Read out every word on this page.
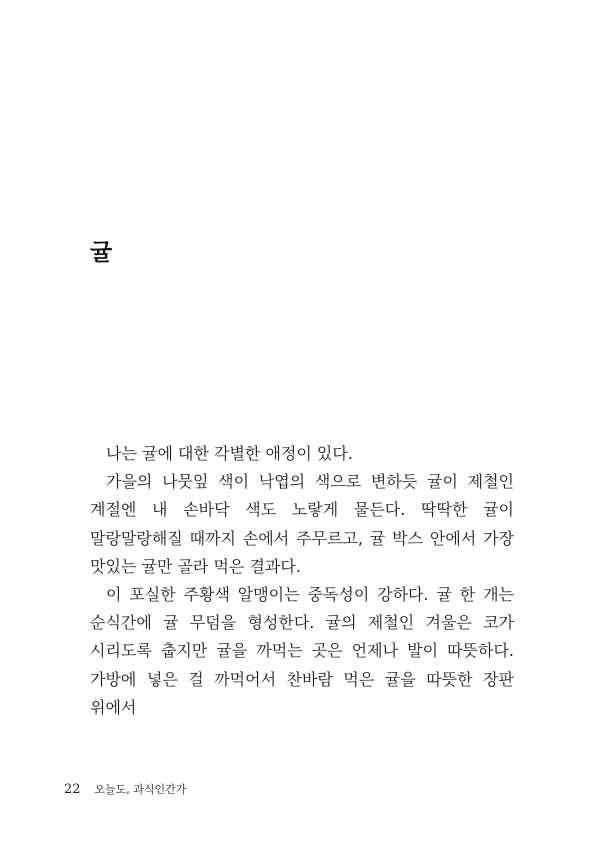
귤

나는 귤에 대한 각별한 애정이 있다.

가을의 나뭇잎 색이 낙엽의 색으로 변하듯 귤이 제철인 계절엔 내 손바닥 색도 노랗게 물든다. 딱딱한 귤이 말랑말랑해질 때까지 손에서 주무르고, 귤 박스 안에서 가장 맛있는 귤만 골라 먹은 결과다.

이 포실한 주황색 알맹이는 중독성이 강하다. 귤 한 개는 순식간에 귤 무덤을 형성한다. 귤의 제철인 겨울은 코가 시리도록 춥지만 귤을 까먹는 곳은 언제나 발이 따뜻하다. 가방에 넣은 걸 까먹어서 찬바람 먹은 귤을 따뜻한 장판 위에서

22 오늘도, 과식인간가
